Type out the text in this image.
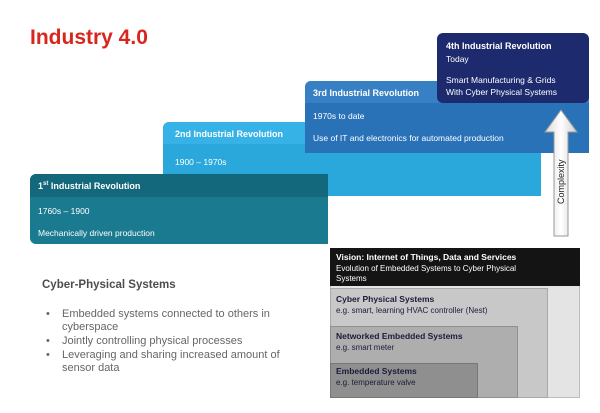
Industry 4.0
2nd Industrial Revolution
1900 – 1970s
3rd Industrial Revolution
1970s to date
Use of IT and electronics for automated production
4th Industrial Revolution
Today
Smart Manufacturing & Grids
With Cyber Physical Systems
1st Industrial Revolution
1760s – 1900
Mechanically driven production
Complexity
Vision: Internet of Things, Data and Services
Evolution of Embedded Systems to Cyber Physical
Systems
Cyber Physical Systems
e.g. smart, learning HVAC controller (Nest)
Networked Embedded Systems
e.g. smart meter
Embedded Systems
e.g. temperature valve
Cyber-Physical Systems
• Embedded systems connected to others in
cyberspace
• Jointly controlling physical processes
• Leveraging and sharing increased amount of
sensor data
